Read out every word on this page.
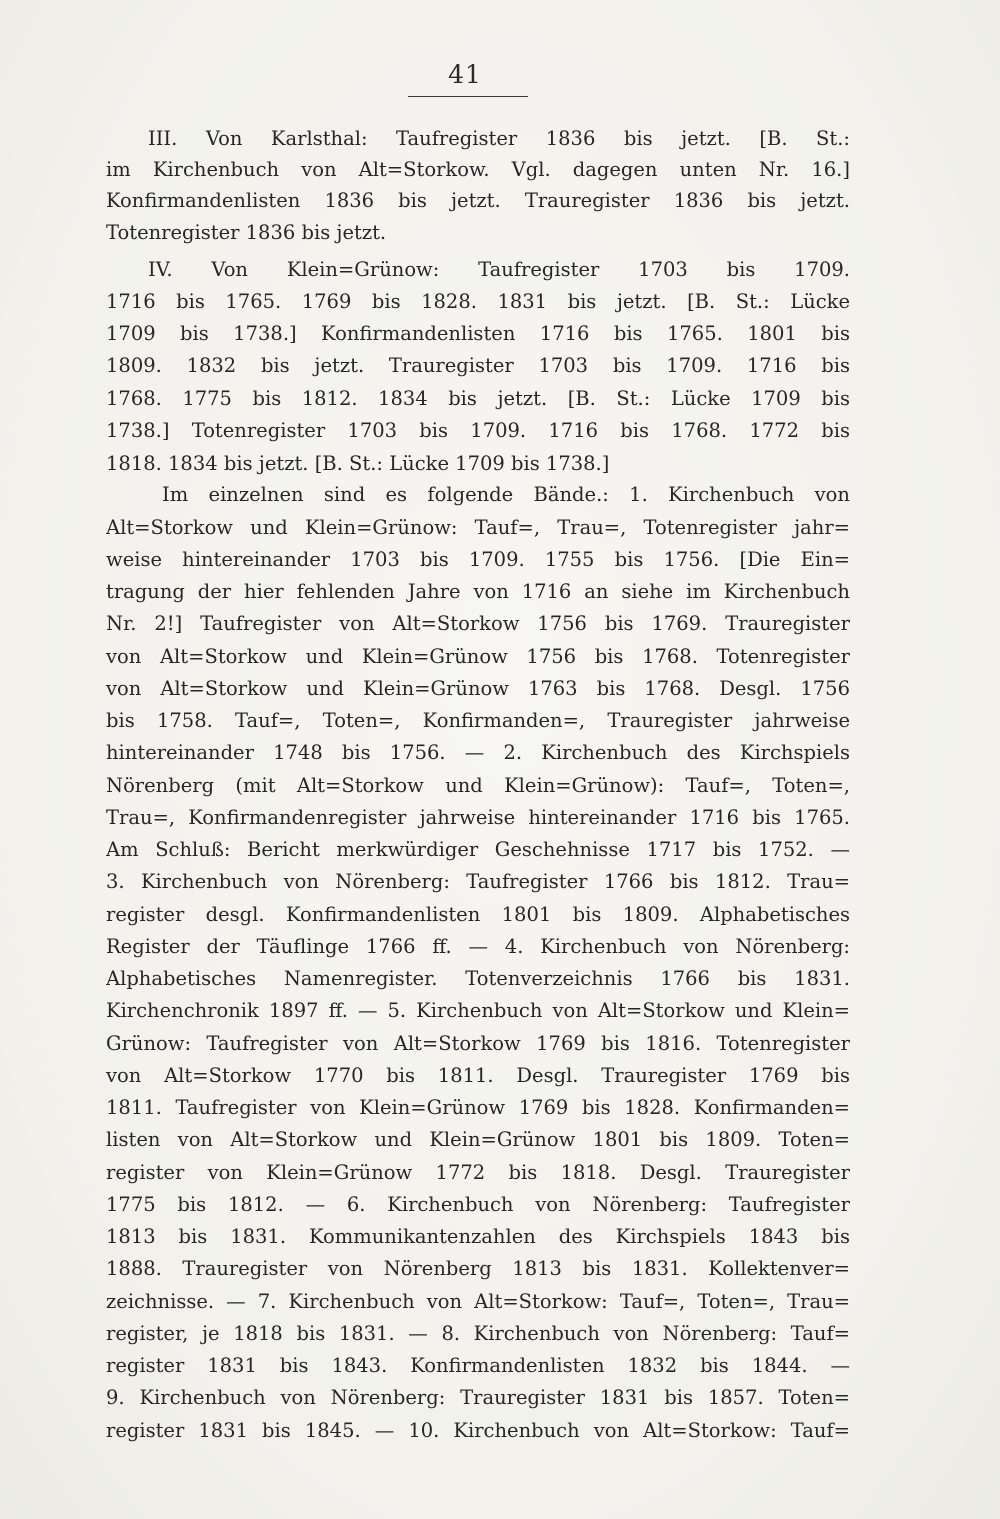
41
III. Von Karlsthal: Taufregister 1836 bis jetzt. [B. St.:
im Kirchenbuch von Alt=Storkow. Vgl. dagegen unten Nr. 16.]
Konfirmandenlisten 1836 bis jetzt. Trauregister 1836 bis jetzt.
Totenregister 1836 bis jetzt.
IV. Von Klein=Grünow: Taufregister 1703 bis 1709.
1716 bis 1765. 1769 bis 1828. 1831 bis jetzt. [B. St.: Lücke
1709 bis 1738.] Konfirmandenlisten 1716 bis 1765. 1801 bis
1809. 1832 bis jetzt. Trauregister 1703 bis 1709. 1716 bis
1768. 1775 bis 1812. 1834 bis jetzt. [B. St.: Lücke 1709 bis
1738.] Totenregister 1703 bis 1709. 1716 bis 1768. 1772 bis
1818. 1834 bis jetzt. [B. St.: Lücke 1709 bis 1738.]
Im einzelnen sind es folgende Bände.: 1. Kirchenbuch von
Alt=Storkow und Klein=Grünow: Tauf=, Trau=, Totenregister jahr=
weise hintereinander 1703 bis 1709. 1755 bis 1756. [Die Ein=
tragung der hier fehlenden Jahre von 1716 an siehe im Kirchenbuch
Nr. 2!] Taufregister von Alt=Storkow 1756 bis 1769. Trauregister
von Alt=Storkow und Klein=Grünow 1756 bis 1768. Totenregister
von Alt=Storkow und Klein=Grünow 1763 bis 1768. Desgl. 1756
bis 1758. Tauf=, Toten=, Konfirmanden=, Trauregister jahrweise
hintereinander 1748 bis 1756. — 2. Kirchenbuch des Kirchspiels
Nörenberg (mit Alt=Storkow und Klein=Grünow): Tauf=, Toten=,
Trau=, Konfirmandenregister jahrweise hintereinander 1716 bis 1765.
Am Schluß: Bericht merkwürdiger Geschehnisse 1717 bis 1752. —
3. Kirchenbuch von Nörenberg: Taufregister 1766 bis 1812. Trau=
register desgl. Konfirmandenlisten 1801 bis 1809. Alphabetisches
Register der Täuflinge 1766 ff. — 4. Kirchenbuch von Nörenberg:
Alphabetisches Namenregister. Totenverzeichnis 1766 bis 1831.
Kirchenchronik 1897 ff. — 5. Kirchenbuch von Alt=Storkow und Klein=
Grünow: Taufregister von Alt=Storkow 1769 bis 1816. Totenregister
von Alt=Storkow 1770 bis 1811. Desgl. Trauregister 1769 bis
1811. Taufregister von Klein=Grünow 1769 bis 1828. Konfirmanden=
listen von Alt=Storkow und Klein=Grünow 1801 bis 1809. Toten=
register von Klein=Grünow 1772 bis 1818. Desgl. Trauregister
1775 bis 1812. — 6. Kirchenbuch von Nörenberg: Taufregister
1813 bis 1831. Kommunikantenzahlen des Kirchspiels 1843 bis
1888. Trauregister von Nörenberg 1813 bis 1831. Kollektenver=
zeichnisse. — 7. Kirchenbuch von Alt=Storkow: Tauf=, Toten=, Trau=
register, je 1818 bis 1831. — 8. Kirchenbuch von Nörenberg: Tauf=
register 1831 bis 1843. Konfirmandenlisten 1832 bis 1844. —
9. Kirchenbuch von Nörenberg: Trauregister 1831 bis 1857. Toten=
register 1831 bis 1845. — 10. Kirchenbuch von Alt=Storkow: Tauf=
